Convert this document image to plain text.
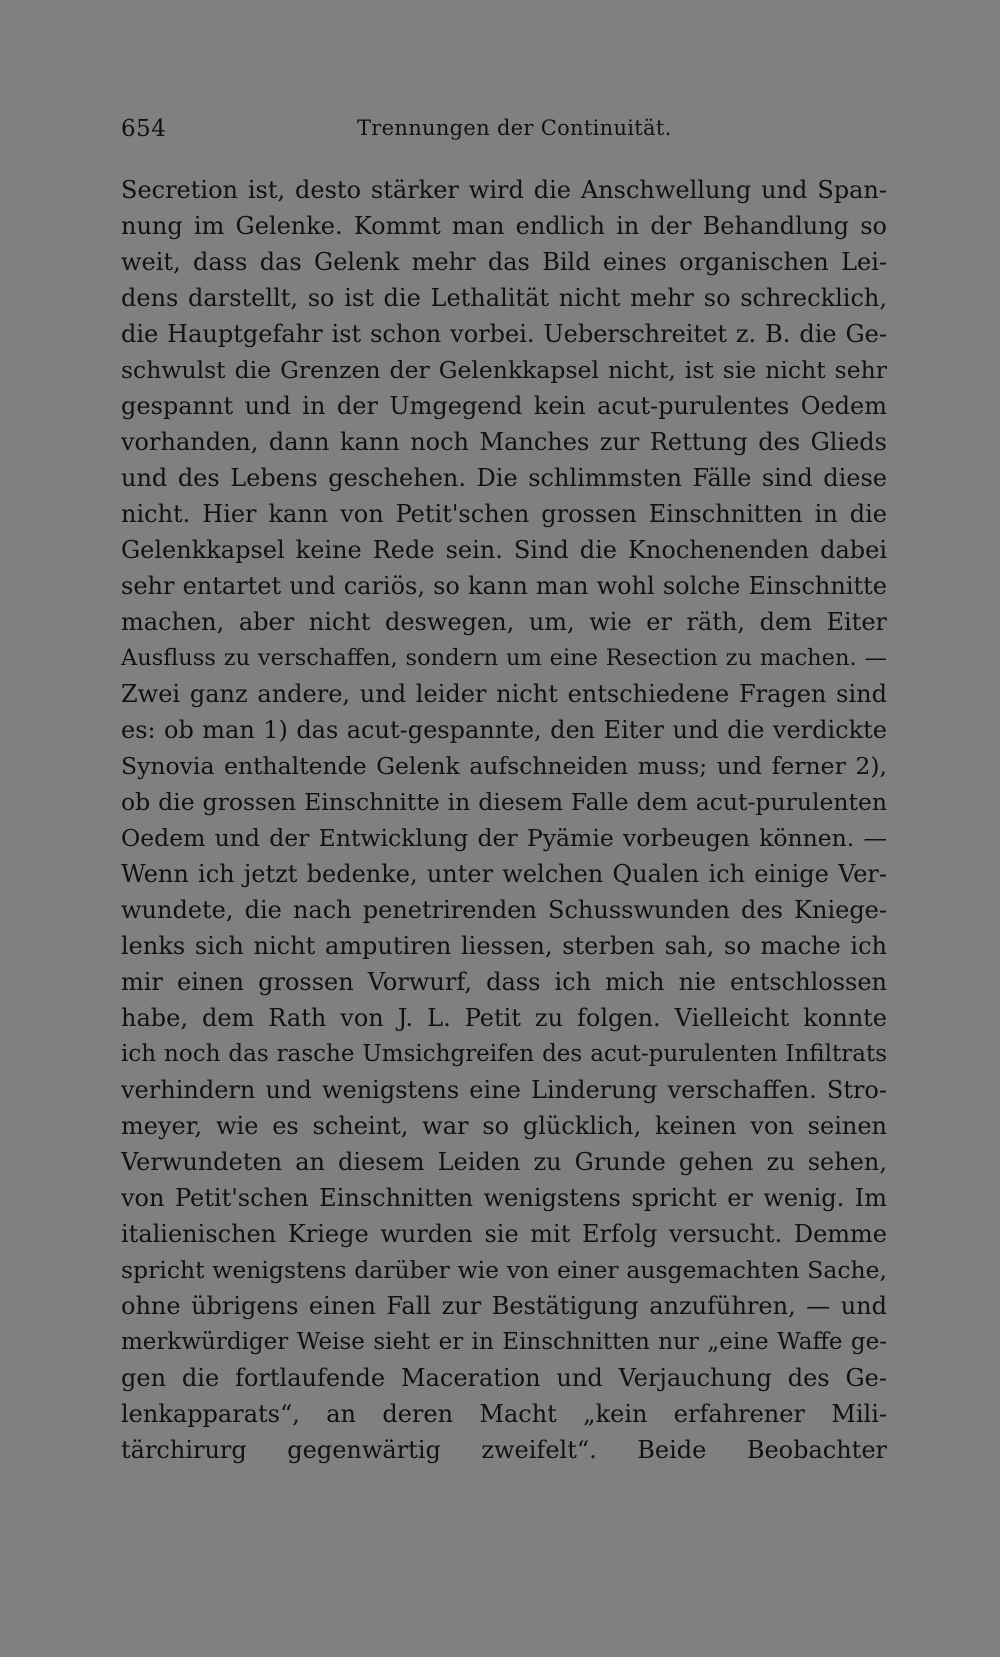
654	Trennungen der Continuität.
Secretion ist, desto stärker wird die Anschwellung und Span-
nung im Gelenke. Kommt man endlich in der Behandlung so
weit, dass das Gelenk mehr das Bild eines organischen Lei-
dens darstellt, so ist die Lethalität nicht mehr so schrecklich,
die Hauptgefahr ist schon vorbei. Ueberschreitet z. B. die Ge-
schwulst die Grenzen der Gelenkkapsel nicht, ist sie nicht sehr
gespannt und in der Umgegend kein acut-purulentes Oedem
vorhanden, dann kann noch Manches zur Rettung des Glieds
und des Lebens geschehen. Die schlimmsten Fälle sind diese
nicht. Hier kann von Petit'schen grossen Einschnitten in die
Gelenkkapsel keine Rede sein. Sind die Knochenenden dabei
sehr entartet und cariös, so kann man wohl solche Einschnitte
machen, aber nicht deswegen, um, wie er räth, dem Eiter
Ausfluss zu verschaffen, sondern um eine Resection zu machen. —
Zwei ganz andere, und leider nicht entschiedene Fragen sind
es: ob man 1) das acut-gespannte, den Eiter und die verdickte
Synovia enthaltende Gelenk aufschneiden muss; und ferner 2),
ob die grossen Einschnitte in diesem Falle dem acut-purulenten
Oedem und der Entwicklung der Pyämie vorbeugen können. —
Wenn ich jetzt bedenke, unter welchen Qualen ich einige Ver-
wundete, die nach penetrirenden Schusswunden des Kniege-
lenks sich nicht amputiren liessen, sterben sah, so mache ich
mir einen grossen Vorwurf, dass ich mich nie entschlossen
habe, dem Rath von J. L. Petit zu folgen. Vielleicht konnte
ich noch das rasche Umsichgreifen des acut-purulenten Infiltrats
verhindern und wenigstens eine Linderung verschaffen. Stro-
meyer, wie es scheint, war so glücklich, keinen von seinen
Verwundeten an diesem Leiden zu Grunde gehen zu sehen,
von Petit'schen Einschnitten wenigstens spricht er wenig. Im
italienischen Kriege wurden sie mit Erfolg versucht. Demme
spricht wenigstens darüber wie von einer ausgemachten Sache,
ohne übrigens einen Fall zur Bestätigung anzuführen, — und
merkwürdiger Weise sieht er in Einschnitten nur „eine Waffe ge-
gen die fortlaufende Maceration und Verjauchung des Ge-
lenkapparats“, an deren Macht „kein erfahrener Mili-
tärchirurg gegenwärtig zweifelt“. Beide Beobachter
